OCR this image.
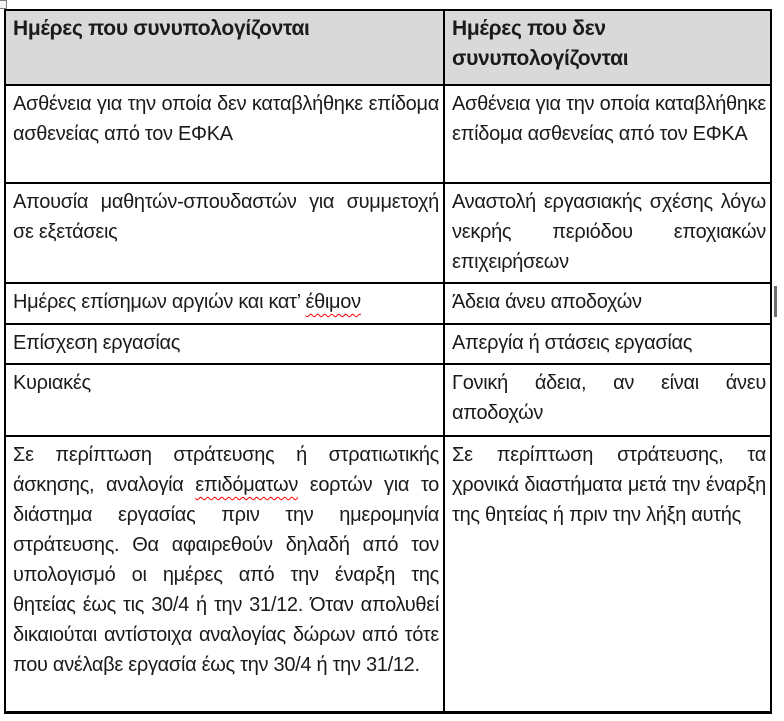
Ημέρες που συνυπολογίζονται	Ημέρες που δεν συνυπολογίζονται
Ασθένεια για την οποία δεν καταβλήθηκε επίδομα ασθενείας από τον ΕΦΚΑ	Ασθένεια για την οποία καταβλήθηκε επίδομα ασθενείας από τον ΕΦΚΑ
Απουσία μαθητών-σπουδαστών για συμμετοχή σε εξετάσεις	Αναστολή εργασιακής σχέσης λόγω νεκρής περιόδου εποχιακών επιχειρήσεων
Ημέρες επίσημων αργιών και κατ’ έθιμον	Άδεια άνευ αποδοχών
Επίσχεση εργασίας	Απεργία ή στάσεις εργασίας
Κυριακές	Γονική άδεια, αν είναι άνευ αποδοχών
Σε περίπτωση στράτευσης ή στρατιωτικής άσκησης, αναλογία επιδόματων εορτών για το διάστημα εργασίας πριν την ημερομηνία στράτευσης. Θα αφαιρεθούν δηλαδή από τον υπολογισμό οι ημέρες από την έναρξη της θητείας έως τις 30/4 ή την 31/12. Όταν απολυθεί δικαιούται αντίστοιχα αναλογίας δώρων από τότε που ανέλαβε εργασία έως την 30/4 ή την 31/12.	Σε περίπτωση στράτευσης, τα χρονικά διαστήματα μετά την έναρξη της θητείας ή πριν την λήξη αυτής
